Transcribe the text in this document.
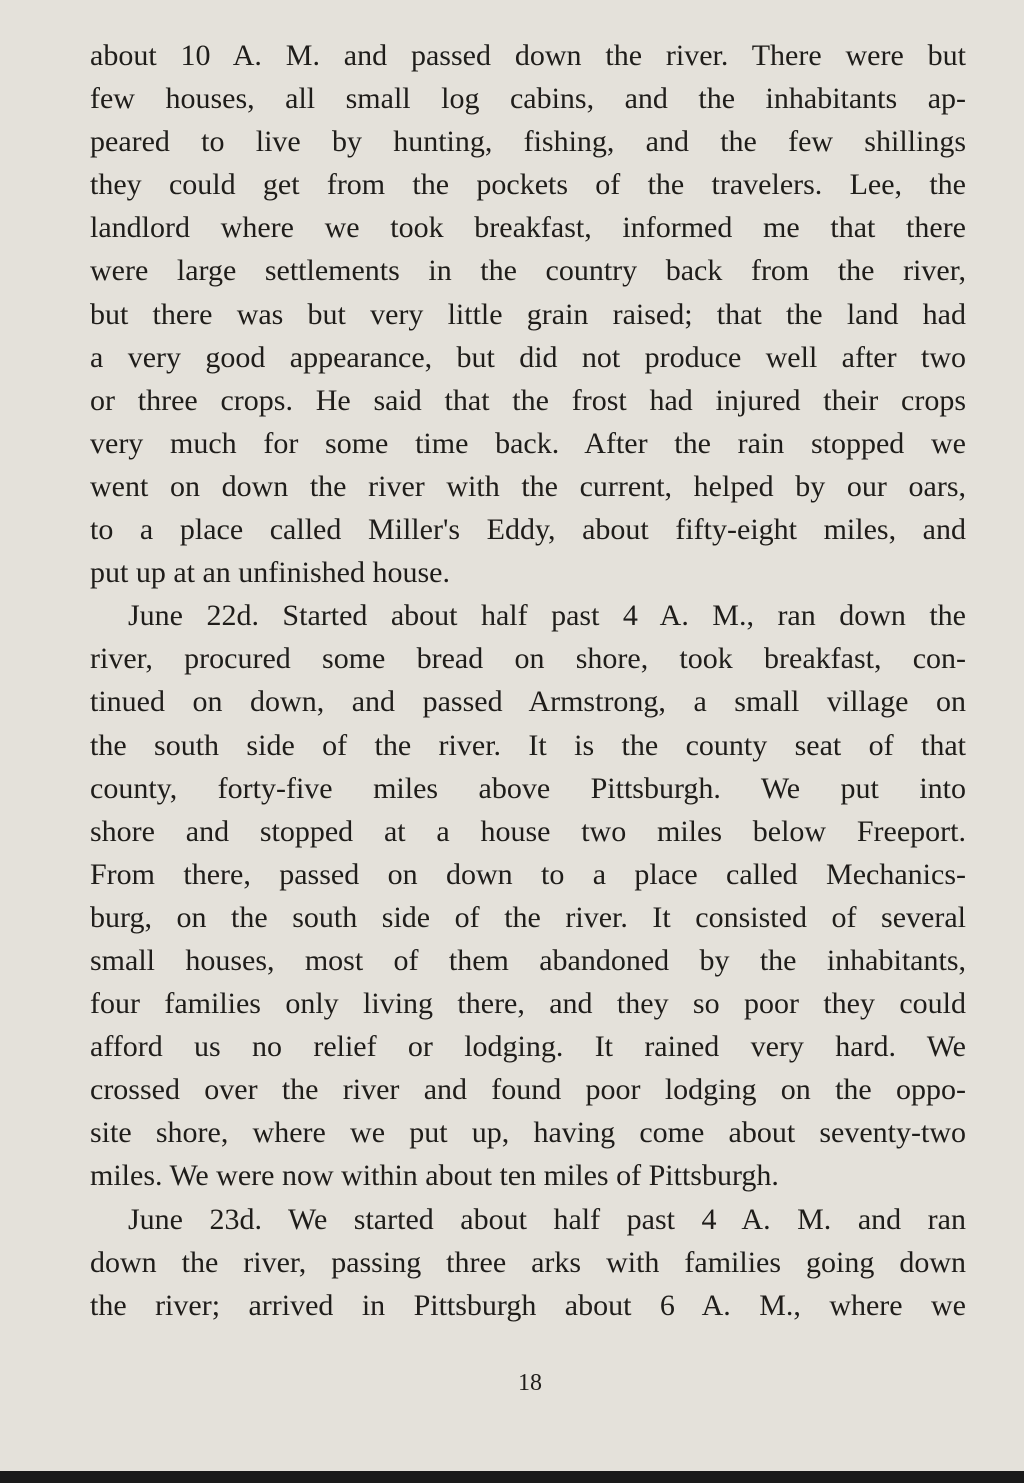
about 10 A. M. and passed down the river. There were but
few houses, all small log cabins, and the inhabitants ap-
peared to live by hunting, fishing, and the few shillings
they could get from the pockets of the travelers. Lee, the
landlord where we took breakfast, informed me that there
were large settlements in the country back from the river,
but there was but very little grain raised; that the land had
a very good appearance, but did not produce well after two
or three crops. He said that the frost had injured their crops
very much for some time back. After the rain stopped we
went on down the river with the current, helped by our oars,
to a place called Miller's Eddy, about fifty-eight miles, and
put up at an unfinished house.
June 22d. Started about half past 4 A. M., ran down the
river, procured some bread on shore, took breakfast, con-
tinued on down, and passed Armstrong, a small village on
the south side of the river. It is the county seat of that
county, forty-five miles above Pittsburgh. We put into
shore and stopped at a house two miles below Freeport.
From there, passed on down to a place called Mechanics-
burg, on the south side of the river. It consisted of several
small houses, most of them abandoned by the inhabitants,
four families only living there, and they so poor they could
afford us no relief or lodging. It rained very hard. We
crossed over the river and found poor lodging on the oppo-
site shore, where we put up, having come about seventy-two
miles. We were now within about ten miles of Pittsburgh.
June 23d. We started about half past 4 A. M. and ran
down the river, passing three arks with families going down
the river; arrived in Pittsburgh about 6 A. M., where we
18
